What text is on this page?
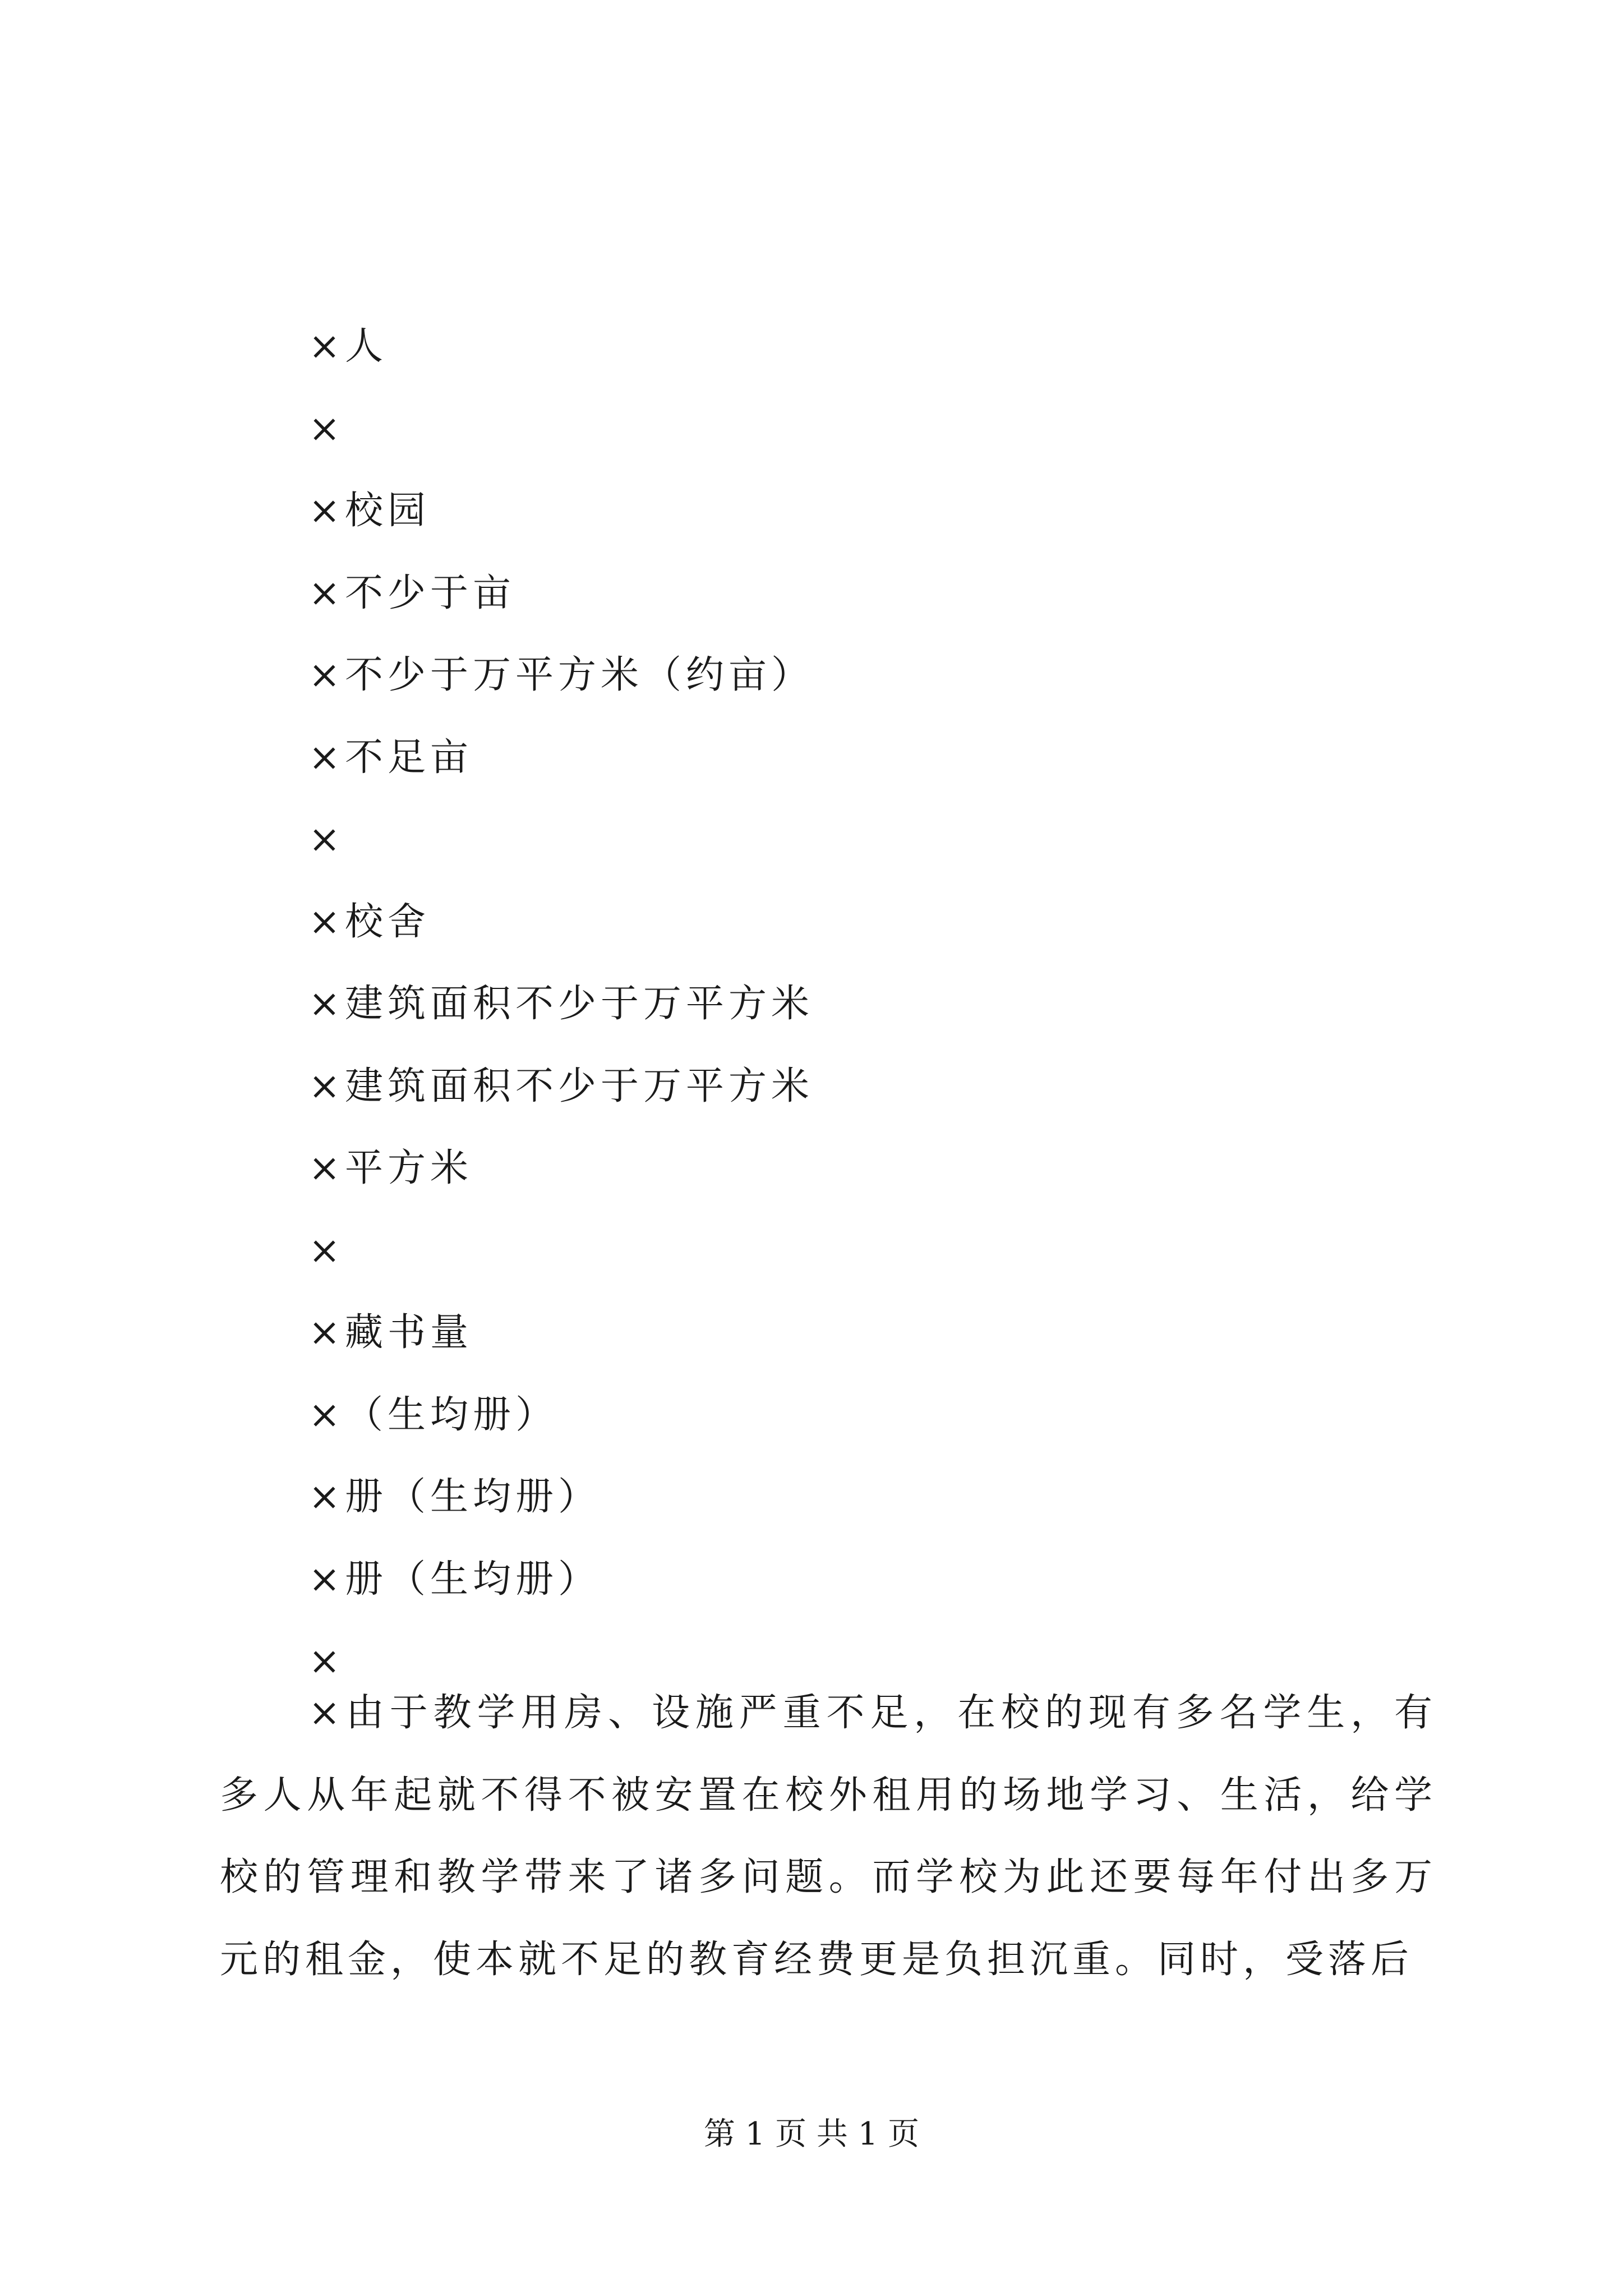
×人
×
×校园
×不少于亩
×不少于万平方米（约亩）
×不足亩
×
×校舍
×建筑面积不少于万平方米
×建筑面积不少于万平方米
×平方米
×
×藏书量
×（生均册）
×册（生均册）
×册（生均册）
×

×由于教学用房、设施严重不足，在校的现有多名学生，有多人从年起就不得不被安置在校外租用的场地学习、生活，给学校的管理和教学带来了诸多问题。而学校为此还要每年付出多万元的租金，使本就不足的教育经费更是负担沉重。同时，受落后

第 1 页 共 1 页
